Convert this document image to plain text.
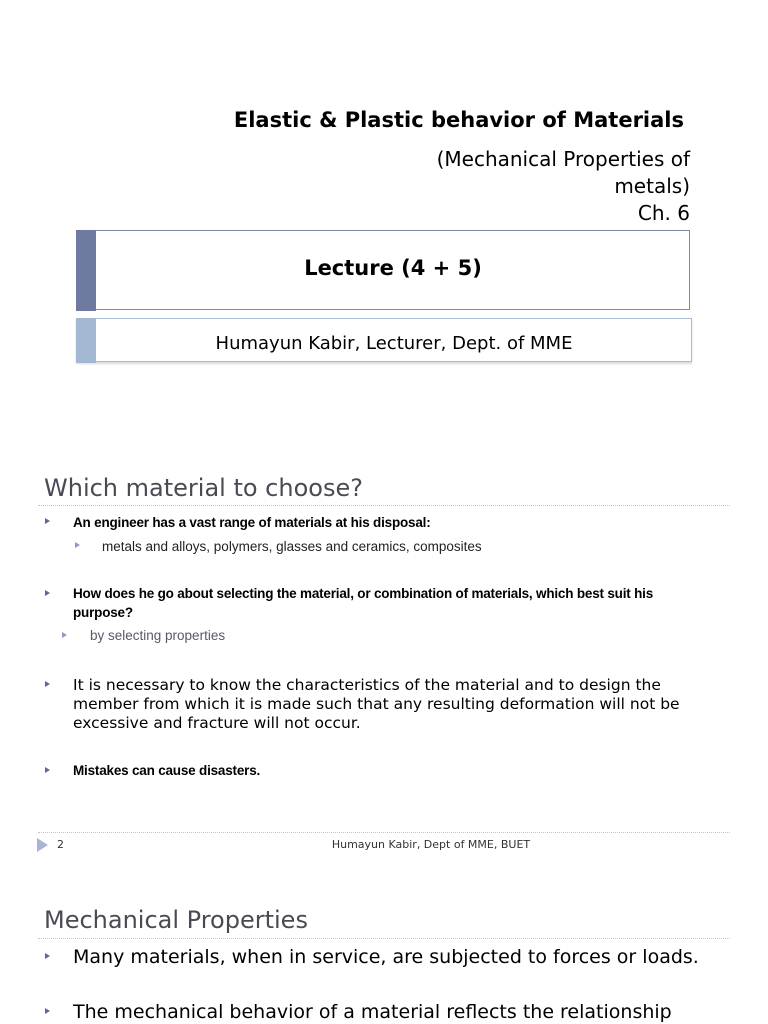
Elastic & Plastic behavior of Materials
(Mechanical Properties of
metals)
Ch. 6
Lecture (4 + 5)
Humayun Kabir, Lecturer, Dept. of MME
Which material to choose?
An engineer has a vast range of materials at his disposal:
metals and alloys, polymers, glasses and ceramics, composites
How does he go about selecting the material, or combination of materials, which best suit his
purpose?
by selecting properties
It is necessary to know the characteristics of the material and to design the
member from which it is made such that any resulting deformation will not be
excessive and fracture will not occur.
Mistakes can cause disasters.
2	Humayun Kabir, Dept of MME, BUET
Mechanical Properties
Many materials, when in service, are subjected to forces or loads.
The mechanical behavior of a material reflects the relationship
